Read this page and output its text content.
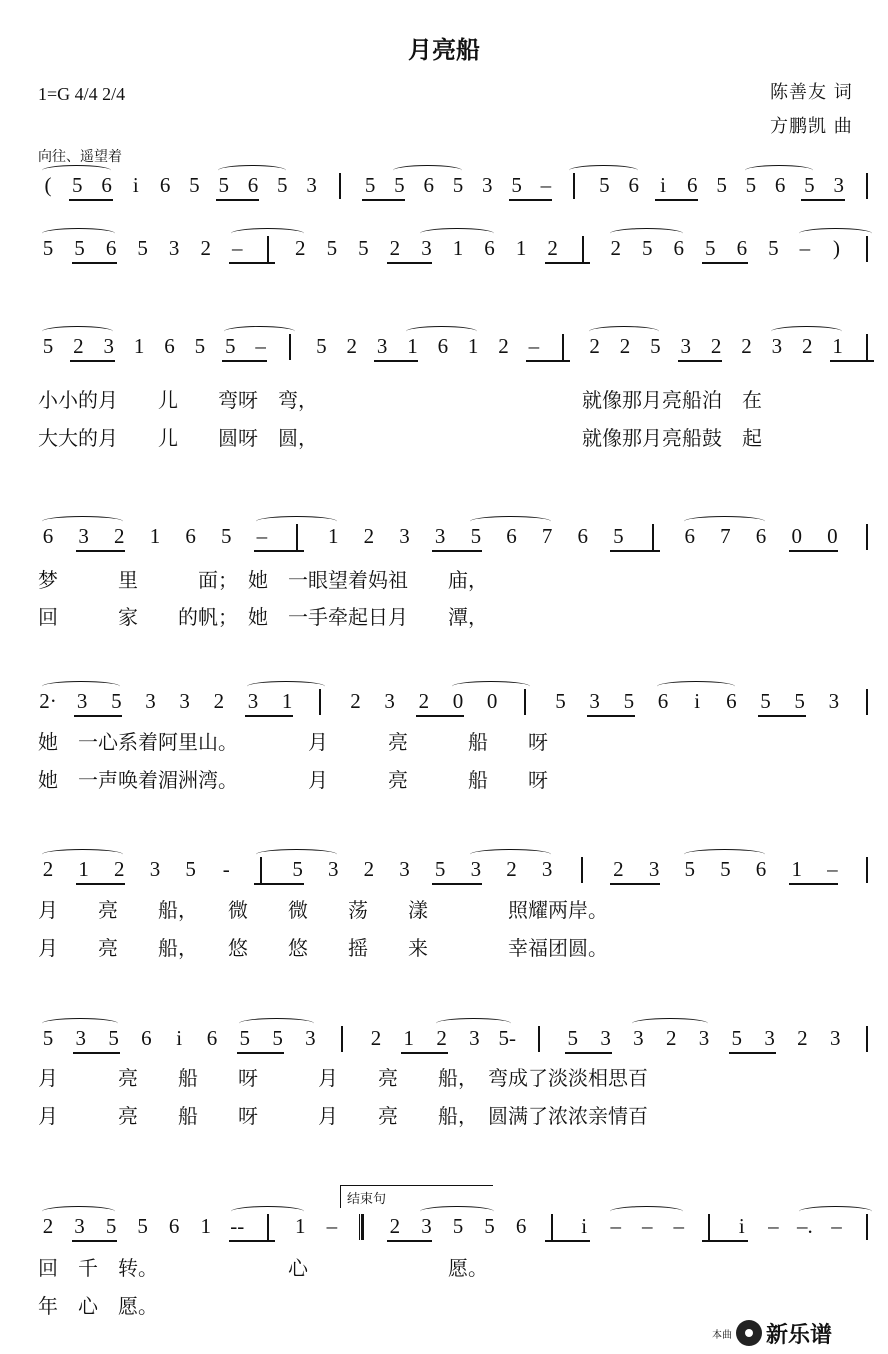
月亮船
1=G 4/4 2/4	陈善友 词
方鹏凯 曲
向往、遥望着
( 5 6	i	6 5 5 6 5 3 5 5 6 5 3 5 – 5 6	i	6 5 5 6 5 3
5 5 6 5 3 2 –	2 5 5 2 3 1 6 1 2	2 5 6 5 6 5 –	)
5 2 3 1 6 5 5 – 5 2 3 1 6 1 2 – 2 2 5 3 2 2 3 2 1
6 3 2 1 6 5 –	1 2 3 3 5 6 7 6 5	6 7 6 0 0
2· 3 5 3 3 2 3 1	2 3 2 0 0	5 3 5 6	i	6 5 5 3
2 1 2 3 5	-	5 3 2 3 5 3 2 3	2 3 5 5 6 1 –
5 3 5 6	i	6 5 5 3	2 1 2 3 5- 5 3 3 2 3 5 3 2 3
2 3 5 5 6 1 -- 1 –	2 3 5 5 6	i	– – –	i	– –. –
小小的月　　儿　　弯呀　弯，	就像那月亮船泊　在
大大的月　　儿　　圆呀　圆，	就像那月亮船鼓　起
梦　　　里　　　面；　她　一眼望着妈祖　　庙，
回　　　家　　的帆；　她　一手牵起日月　　潭，
她　一心系着阿里山。　　　　月　　　亮　　　船　　呀
她　一声唤着湄洲湾。　　　　月　　　亮　　　船　　呀
月　　亮　　船，　　微　　微　　荡　　漾　　　　照耀两岸。
月　　亮　　船，　　悠　　悠　　摇　　来　　　　幸福团圆。
月　　　亮　　船　　呀　　　月　　亮　　船，　弯成了淡淡相思百
月　　　亮　　船　　呀　　　月　　亮　　船，　圆满了浓浓亲情百
回　千　转。　　　　　　　心　　　　　　　愿。
年　心　愿。
结束句
本曲 新乐谱
